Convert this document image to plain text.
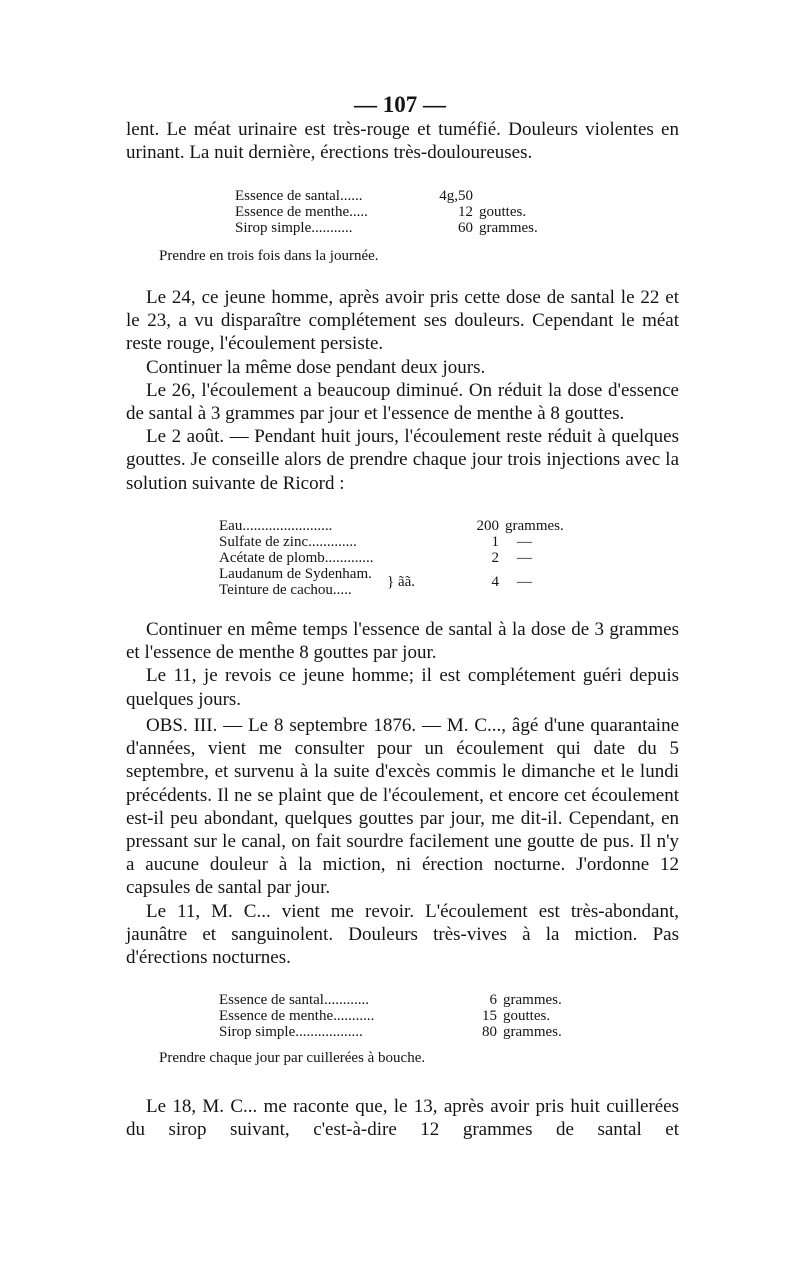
— 107 —

lent. Le méat urinaire est très-rouge et tuméfié. Douleurs violentes en urinant. La nuit dernière, érections très-douloureuses.

Essence de santal......	4g,50
Essence de menthe.....	12 gouttes.
Sirop simple...........	60 grammes.
Prendre en trois fois dans la journée.

Le 24, ce jeune homme, après avoir pris cette dose de santal le 22 et le 23, a vu disparaître complétement ses douleurs. Cependant le méat reste rouge, l'écoulement persiste.

Continuer la même dose pendant deux jours.

Le 26, l'écoulement a beaucoup diminué. On réduit la dose d'essence de santal à 3 grammes par jour et l'essence de menthe à 8 gouttes.

Le 2 août. — Pendant huit jours, l'écoulement reste réduit à quelques gouttes. Je conseille alors de prendre chaque jour trois injections avec la solution suivante de Ricord :

Eau........................	200 grammes.
Sulfate de zinc.............	1	—
Acétate de plomb.............	2	—
Laudanum de Sydenham.
Teinture de cachou.....	} ãã.	4	—

Continuer en même temps l'essence de santal à la dose de 3 grammes et l'essence de menthe 8 gouttes par jour.

Le 11, je revois ce jeune homme; il est complétement guéri depuis quelques jours.

OBS. III. — Le 8 septembre 1876. — M. C..., âgé d'une quarantaine d'années, vient me consulter pour un écoulement qui date du 5 septembre, et survenu à la suite d'excès commis le dimanche et le lundi précédents. Il ne se plaint que de l'écoulement, et encore cet écoulement est-il peu abondant, quelques gouttes par jour, me dit-il. Cependant, en pressant sur le canal, on fait sourdre facilement une goutte de pus. Il n'y a aucune douleur à la miction, ni érection nocturne. J'ordonne 12 capsules de santal par jour.

Le 11, M. C... vient me revoir. L'écoulement est très-abondant, jaunâtre et sanguinolent. Douleurs très-vives à la miction. Pas d'érections nocturnes.

Essence de santal............	6 grammes.
Essence de menthe...........	15 gouttes.
Sirop simple..................	80 grammes.
Prendre chaque jour par cuillerées à bouche.

Le 18, M. C... me raconte que, le 13, après avoir pris huit cuillerées du sirop suivant, c'est-à-dire 12 grammes de santal et
